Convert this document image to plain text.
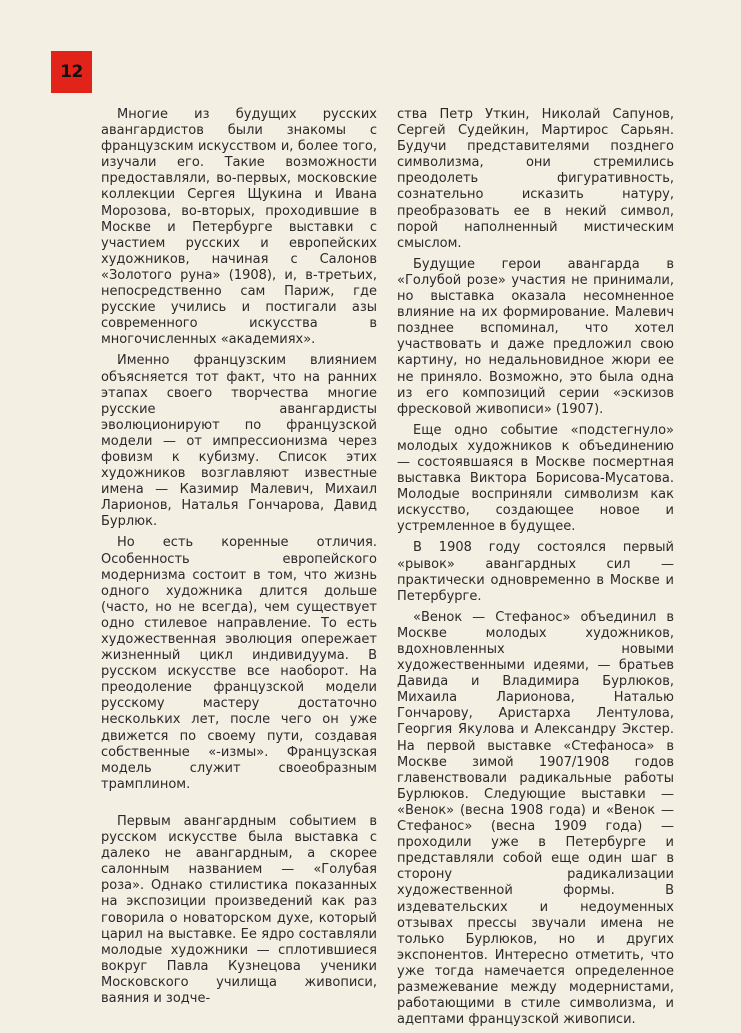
12

Многие из будущих русских авангардистов были знакомы с французским искусством и, более того, изучали его. Такие возможности предоставляли, во-первых, московские коллекции Сергея Щукина и Ивана Морозова, во-вторых, проходившие в Москве и Петербурге выставки с участием русских и европейских художников, начиная с Салонов «Золотого руна» (1908), и, в-третьих, непосредственно сам Париж, где русские учились и постигали азы современного искусства в многочисленных «академиях».

Именно французским влиянием объясняется тот факт, что на ранних этапах своего творчества многие русские авангардисты эволюционируют по французской модели — от импрессионизма через фовизм к кубизму. Список этих художников возглавляют известные имена — Казимир Малевич, Михаил Ларионов, Наталья Гончарова, Давид Бурлюк.

Но есть коренные отличия. Особенность европейского модернизма состоит в том, что жизнь одного художника длится дольше (часто, но не всегда), чем существует одно стилевое направление. То есть художественная эволюция опережает жизненный цикл индивидуума. В русском искусстве все наоборот. На преодоление французской модели русскому мастеру достаточно нескольких лет, после чего он уже движется по своему пути, создавая собственные «-измы». Французская модель служит своеобразным трамплином.

Первым авангардным событием в русском искусстве была выставка с далеко не авангардным, а скорее салонным названием — «Голубая роза». Однако стилистика показанных на экспозиции произведений как раз говорила о новаторском духе, который царил на выставке. Ее ядро составляли молодые художники — сплотившиеся вокруг Павла Кузнецова ученики Московского училища живописи, ваяния и зодче-

ства Петр Уткин, Николай Сапунов, Сергей Судейкин, Мартирос Сарьян. Будучи представителями позднего символизма, они стремились преодолеть фигуративность, сознательно исказить натуру, преобразовать ее в некий символ, порой наполненный мистическим смыслом.

Будущие герои авангарда в «Голубой розе» участия не принимали, но выставка оказала несомненное влияние на их формирование. Малевич позднее вспоминал, что хотел участвовать и даже предложил свою картину, но недальновидное жюри ее не приняло. Возможно, это была одна из его композиций серии «эскизов фресковой живописи» (1907).

Еще одно событие «подстегнуло» молодых художников к объединению — состоявшаяся в Москве посмертная выставка Виктора Борисова-Мусатова. Молодые восприняли символизм как искусство, создающее новое и устремленное в будущее.

В 1908 году состоялся первый «рывок» авангардных сил — практически одновременно в Москве и Петербурге.

«Венок — Стефанос» объединил в Москве молодых художников, вдохновленных новыми художественными идеями, — братьев Давида и Владимира Бурлюков, Михаила Ларионова, Наталью Гончарову, Аристарха Лентулова, Георгия Якулова и Александру Экстер. На первой выставке «Стефаноса» в Москве зимой 1907/1908 годов главенствовали радикальные работы Бурлюков. Следующие выставки — «Венок» (весна 1908 года) и «Венок — Стефанос» (весна 1909 года) — проходили уже в Петербурге и представляли собой еще один шаг в сторону радикализации художественной формы. В издевательских и недоуменных отзывах прессы звучали имена не только Бурлюков, но и других экспонентов. Интересно отметить, что уже тогда намечается определенное размежевание между модернистами, работающими в стиле символизма, и адептами французской живописи.
